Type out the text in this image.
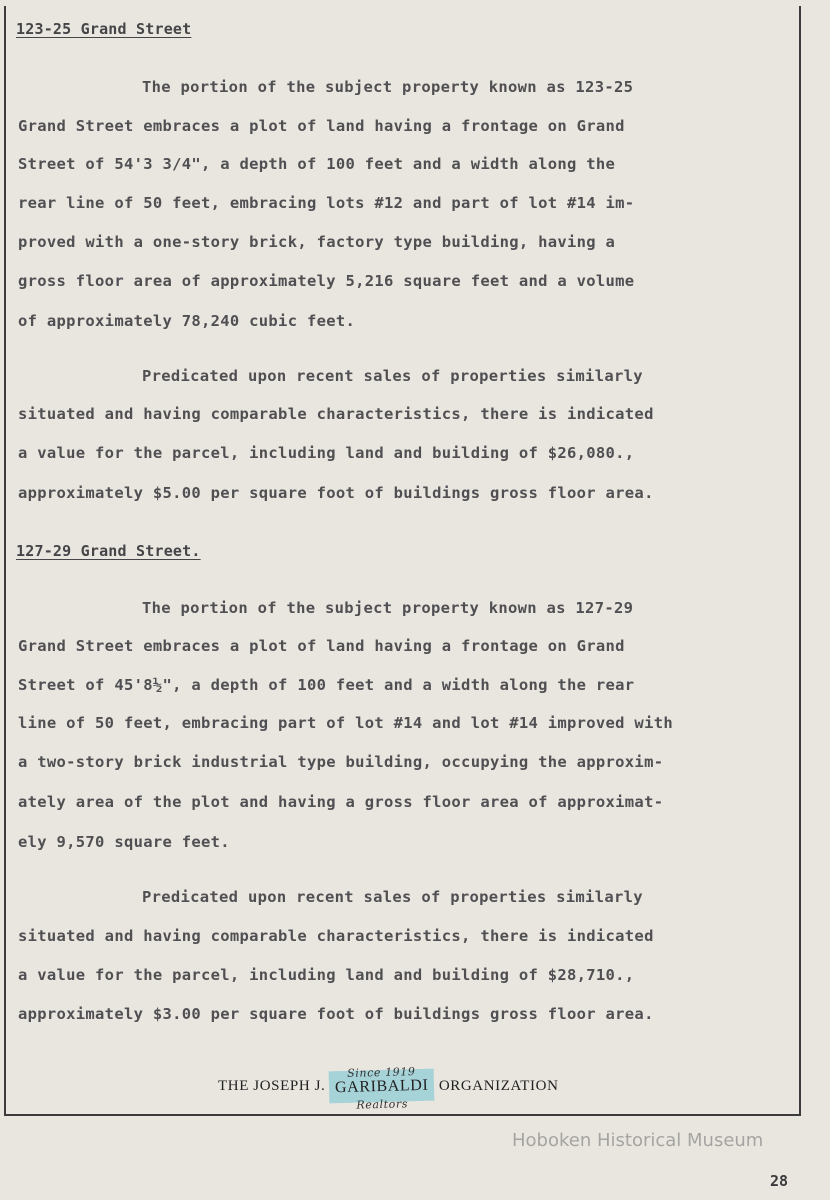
123-25 Grand Street
The portion of the subject property known as 123-25
Grand Street embraces a plot of land having a frontage on Grand
Street of 54'3 3/4", a depth of 100 feet and a width along the
rear line of 50 feet, embracing lots #12 and part of lot #14 im-
proved with a one-story brick, factory type building, having a
gross floor area of approximately 5,216 square feet and a volume
of approximately 78,240 cubic feet.
Predicated upon recent sales of properties similarly
situated and having comparable characteristics, there is indicated
a value for the parcel, including land and building of $26,080.,
approximately $5.00 per square foot of buildings gross floor area.
127-29 Grand Street.
The portion of the subject property known as 127-29
Grand Street embraces a plot of land having a frontage on Grand
Street of 45'8½", a depth of 100 feet and a width along the rear
line of 50 feet, embracing part of lot #14 and lot #14 improved with
a two-story brick industrial type building, occupying the approxim-
ately area of the plot and having a gross floor area of approximat-
ely 9,570 square feet.
Predicated upon recent sales of properties similarly
situated and having comparable characteristics, there is indicated
a value for the parcel, including land and building of $28,710.,
approximately $3.00 per square foot of buildings gross floor area.
THE JOSEPH J.
Since 1919
GARIBALDI
Realtors
ORGANIZATION
Hoboken Historical Museum
28
